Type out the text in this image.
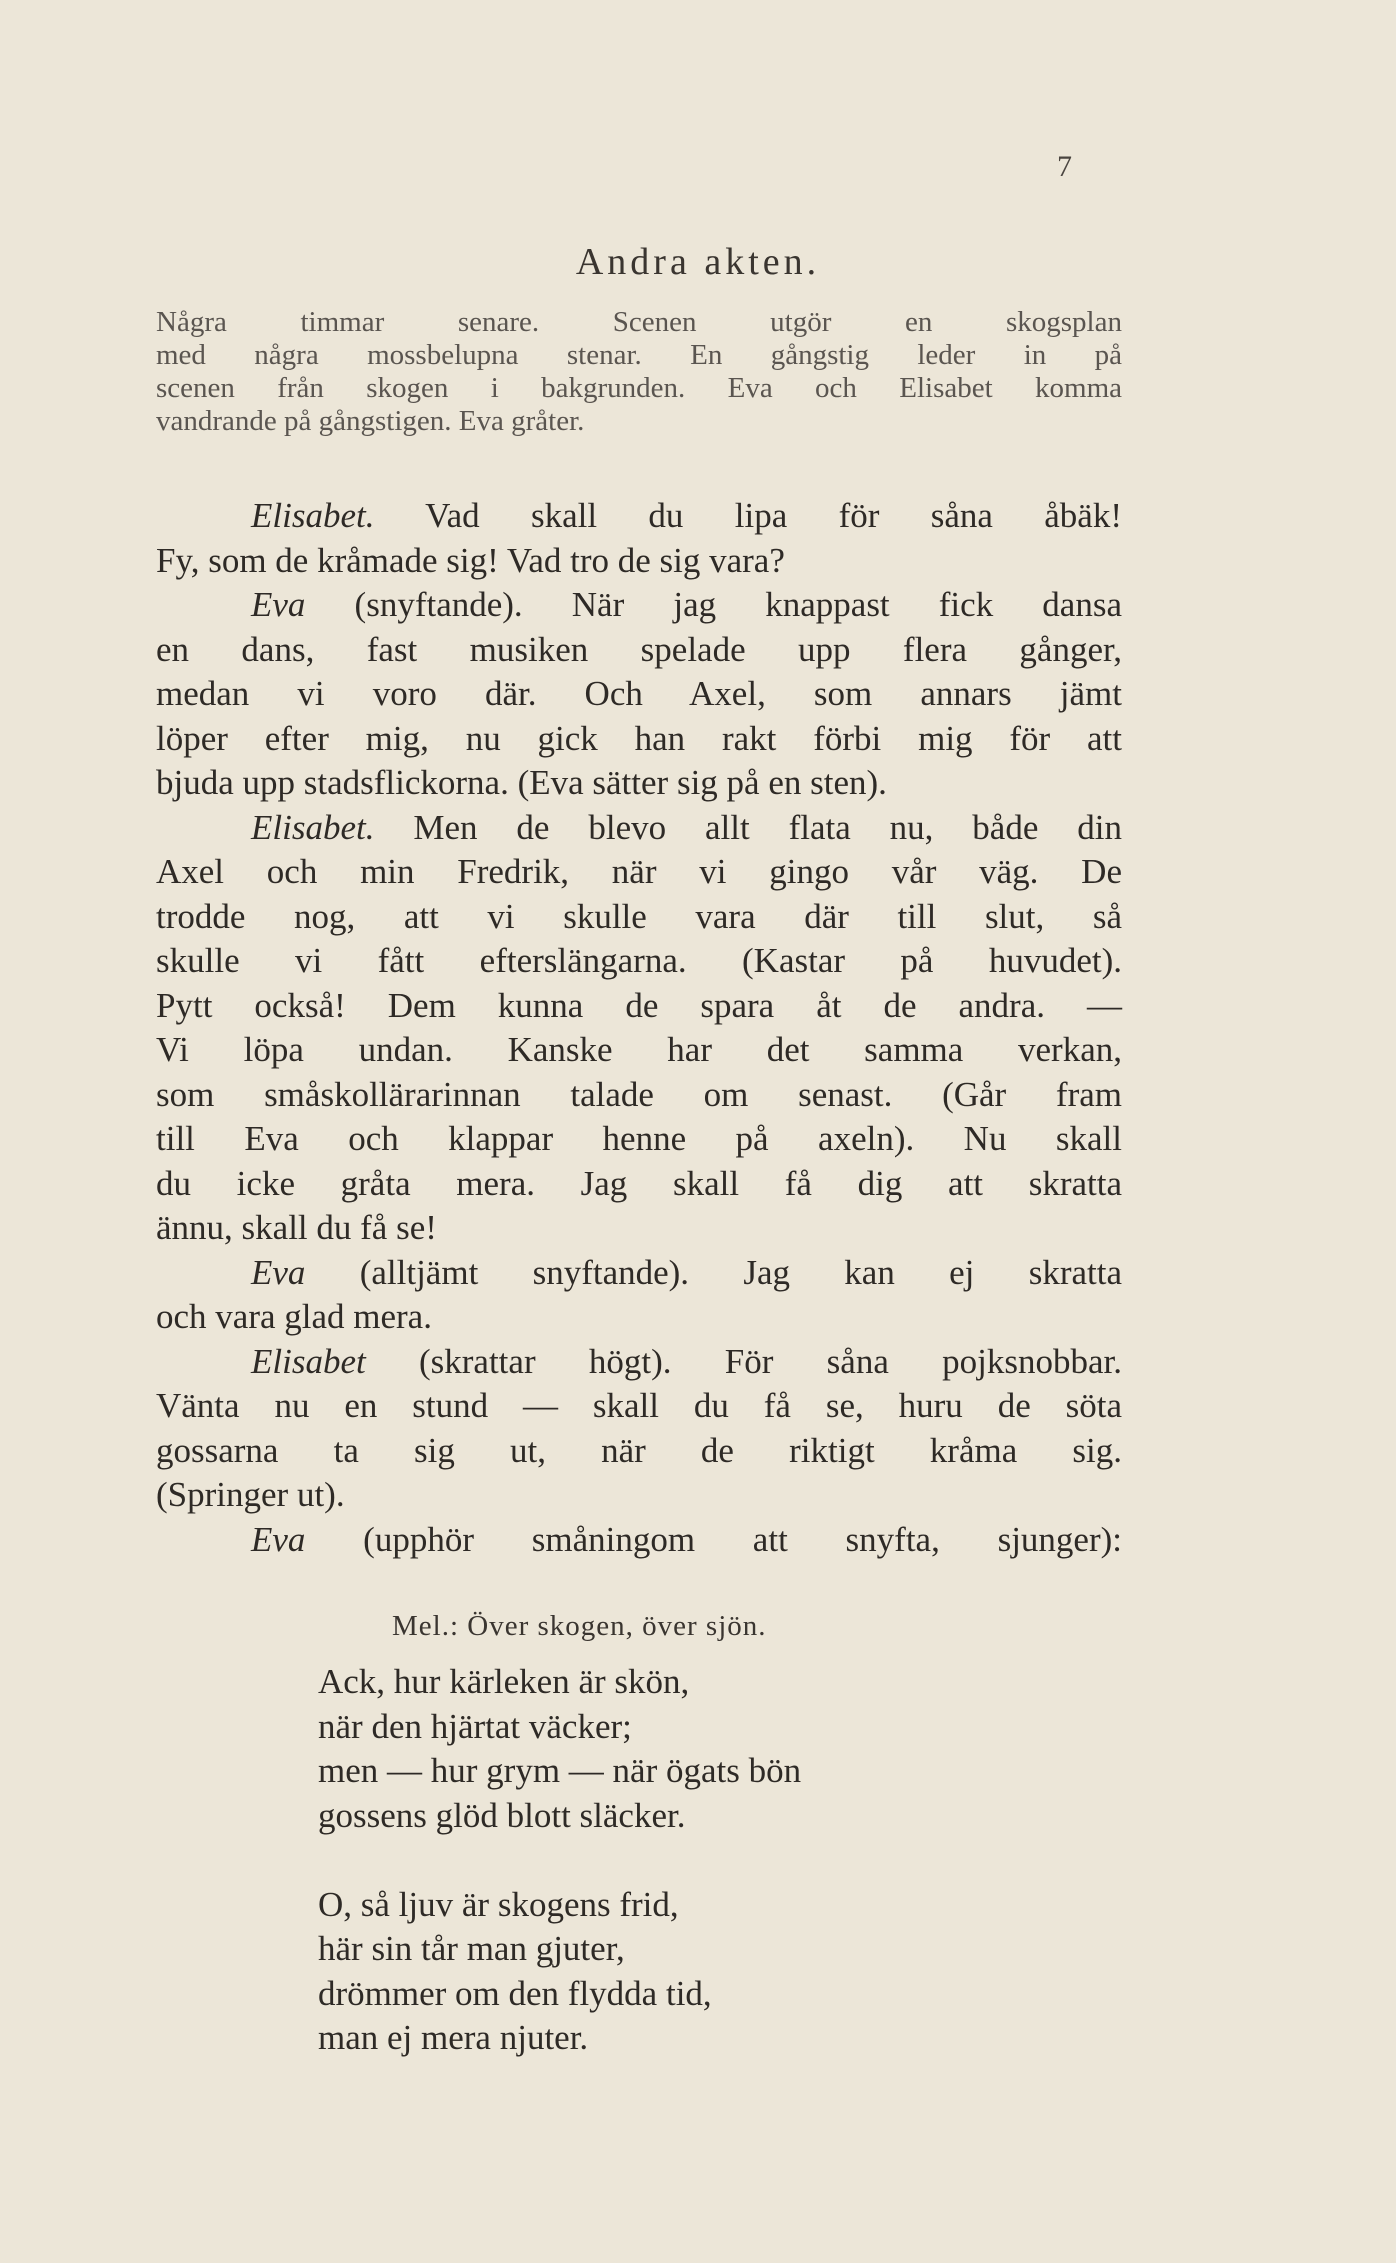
7
Andra akten.
Några timmar senare. Scenen utgör en skogsplan
med några mossbelupna stenar. En gångstig leder in på
scenen från skogen i bakgrunden. Eva och Elisabet komma
vandrande på gångstigen. Eva gråter.
Elisabet. Vad skall du lipa för såna åbäk!
Fy, som de kråmade sig! Vad tro de sig vara?
Eva (snyftande). När jag knappast fick dansa
en dans, fast musiken spelade upp flera gånger,
medan vi voro där. Och Axel, som annars jämt
löper efter mig, nu gick han rakt förbi mig för att
bjuda upp stadsflickorna. (Eva sätter sig på en sten).
Elisabet. Men de blevo allt flata nu, både din
Axel och min Fredrik, när vi gingo vår väg. De
trodde nog, att vi skulle vara där till slut, så
skulle vi fått efterslängarna. (Kastar på huvudet).
Pytt också! Dem kunna de spara åt de andra. —
Vi löpa undan. Kanske har det samma verkan,
som småskollärarinnan talade om senast. (Går fram
till Eva och klappar henne på axeln). Nu skall
du icke gråta mera. Jag skall få dig att skratta
ännu, skall du få se!
Eva (alltjämt snyftande). Jag kan ej skratta
och vara glad mera.
Elisabet (skrattar högt). För såna pojksnobbar.
Vänta nu en stund — skall du få se, huru de söta
gossarna ta sig ut, när de riktigt kråma sig.
(Springer ut).
Eva (upphör småningom att snyfta, sjunger):
Mel.: Över skogen, över sjön.
Ack, hur kärleken är skön,
när den hjärtat väcker;
men — hur grym — när ögats bön
gossens glöd blott släcker.
O, så ljuv är skogens frid,
här sin tår man gjuter,
drömmer om den flydda tid,
man ej mera njuter.
